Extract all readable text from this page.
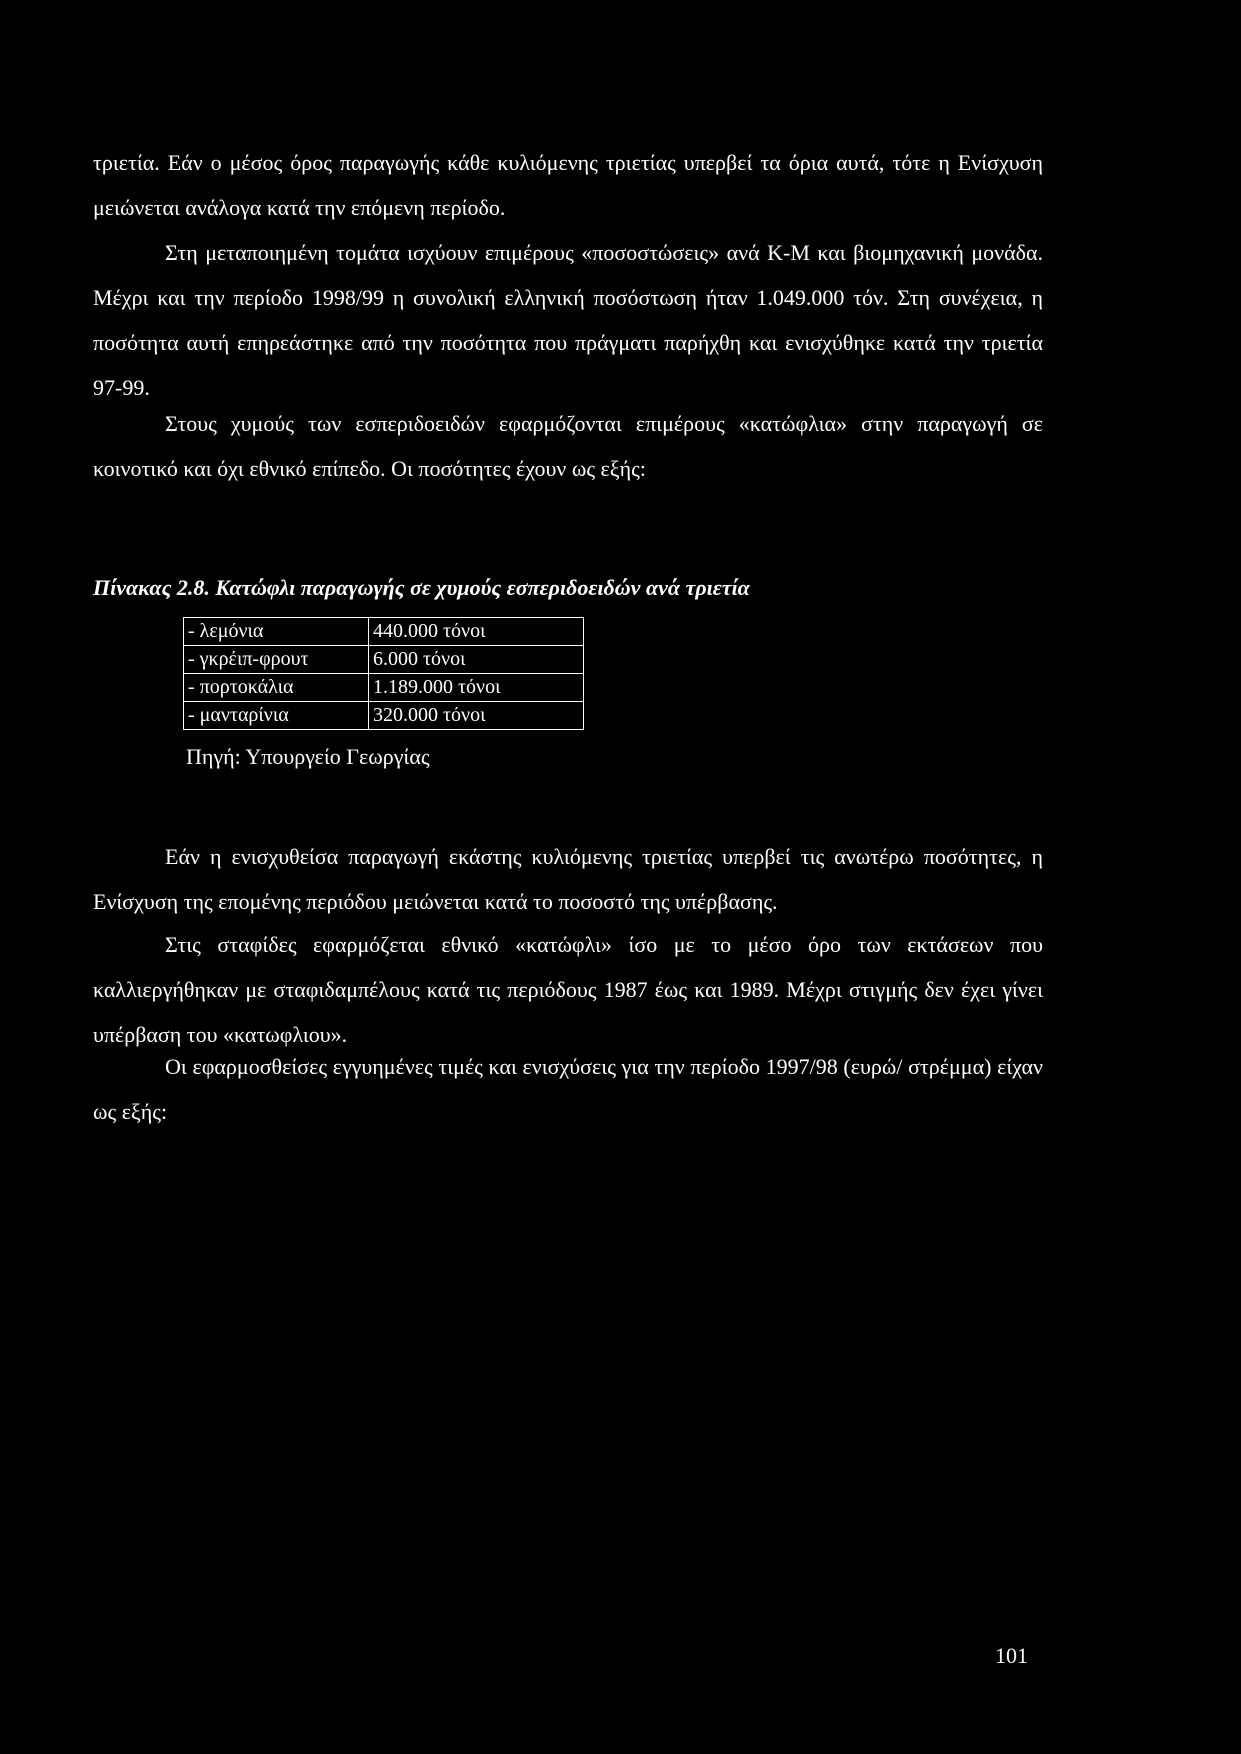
τριετία. Εάν ο μέσος όρος παραγωγής κάθε κυλιόμενης τριετίας υπερβεί τα όρια αυτά, τότε η Ενίσχυση μειώνεται ανάλογα κατά την επόμενη περίοδο.

Στη μεταποιημένη τομάτα ισχύουν επιμέρους «ποσοστώσεις» ανά Κ-Μ και βιομηχανική μονάδα. Μέχρι και την περίοδο 1998/99 η συνολική ελληνική ποσόστωση ήταν 1.049.000 τόν. Στη συνέχεια, η ποσότητα αυτή επηρεάστηκε από την ποσότητα που πράγματι παρήχθη και ενισχύθηκε κατά την τριετία 97-99.

Στους χυμούς των εσπεριδοειδών εφαρμόζονται επιμέρους «κατώφλια» στην παραγωγή σε κοινοτικό και όχι εθνικό επίπεδο. Οι ποσότητες έχουν ως εξής:

Πίνακας 2.8. Κατώφλι παραγωγής σε χυμούς εσπεριδοειδών ανά τριετία

- λεμόνια	440.000 τόνοι
- γκρέιπ-φρουτ	6.000 τόνοι
- πορτοκάλια	1.189.000 τόνοι
- μανταρίνια	320.000 τόνοι

Πηγή: Υπουργείο Γεωργίας

Εάν η ενισχυθείσα παραγωγή εκάστης κυλιόμενης τριετίας υπερβεί τις ανωτέρω ποσότητες, η Ενίσχυση της επομένης περιόδου μειώνεται κατά το ποσοστό της υπέρβασης.

Στις σταφίδες εφαρμόζεται εθνικό «κατώφλι» ίσο με το μέσο όρο των εκτάσεων που καλλιεργήθηκαν με σταφιδαμπέλους κατά τις περιόδους 1987 έως και 1989. Μέχρι στιγμής δεν έχει γίνει υπέρβαση του «κατωφλιου».

Οι εφαρμοσθείσες εγγυημένες τιμές και ενισχύσεις για την περίοδο 1997/98 (ευρώ/ στρέμμα) είχαν ως εξής:

101
